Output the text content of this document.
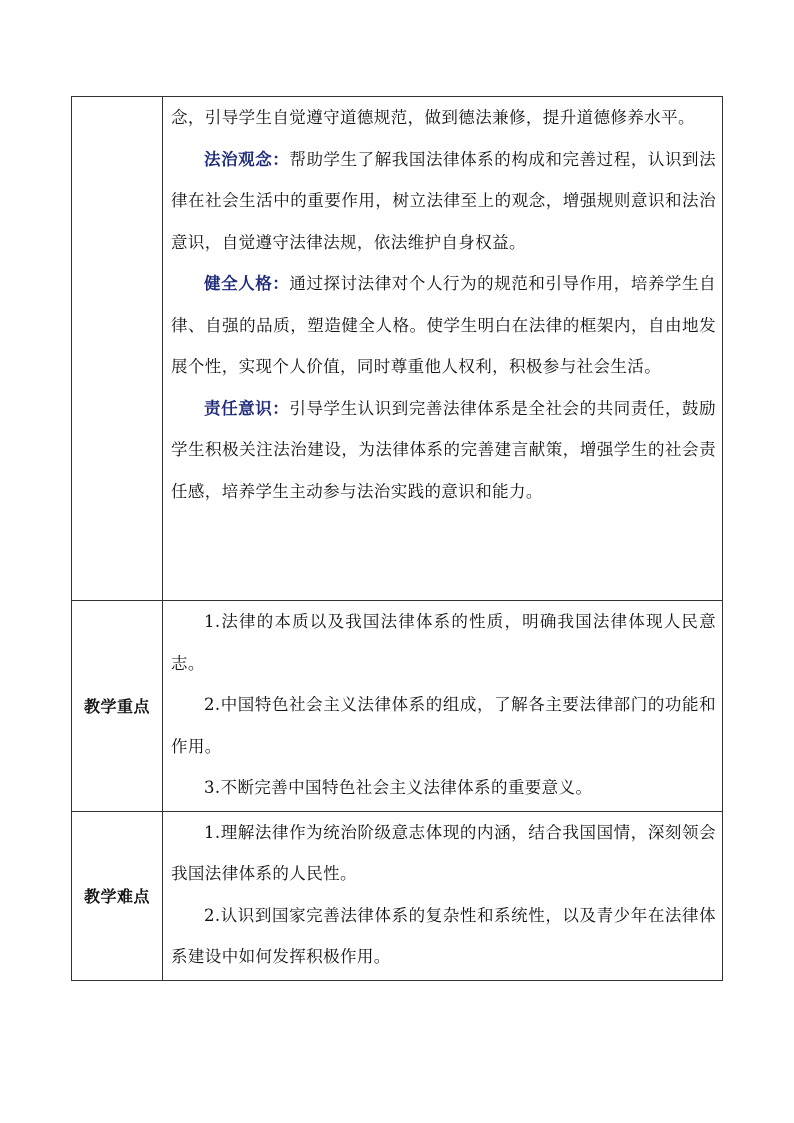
	念，引导学生自觉遵守道德规范，做到德法兼修，提升道德修养水平。

法治观念：帮助学生了解我国法律体系的构成和完善过程，认识到法律在社会生活中的重要作用，树立法律至上的观念，增强规则意识和法治意识，自觉遵守法律法规，依法维护自身权益。

健全人格：通过探讨法律对个人行为的规范和引导作用，培养学生自律、自强的品质，塑造健全人格。使学生明白在法律的框架内，自由地发展个性，实现个人价值，同时尊重他人权利，积极参与社会生活。

责任意识：引导学生认识到完善法律体系是全社会的共同责任，鼓励学生积极关注法治建设，为法律体系的完善建言献策，增强学生的社会责任感，培养学生主动参与法治实践的意识和能力。

教学重点	1.法律的本质以及我国法律体系的性质，明确我国法律体现人民意志。

2.中国特色社会主义法律体系的组成，了解各主要法律部门的功能和作用。

3.不断完善中国特色社会主义法律体系的重要意义。

教学难点	1.理解法律作为统治阶级意志体现的内涵，结合我国国情，深刻领会我国法律体系的人民性。

2.认识到国家完善法律体系的复杂性和系统性，以及青少年在法律体系建设中如何发挥积极作用。
